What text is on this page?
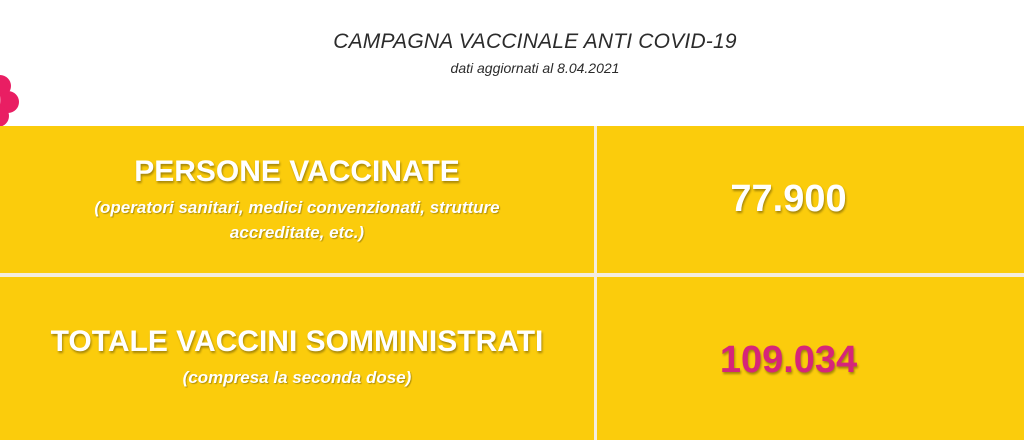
CAMPAGNA VACCINALE ANTI COVID-19
dati aggiornati al 8.04.2021
PERSONE VACCINATE
(operatori sanitari, medici convenzionati, strutture
accreditate, etc.)
77.900
TOTALE VACCINI SOMMINISTRATI
(compresa la seconda dose)	109.034
